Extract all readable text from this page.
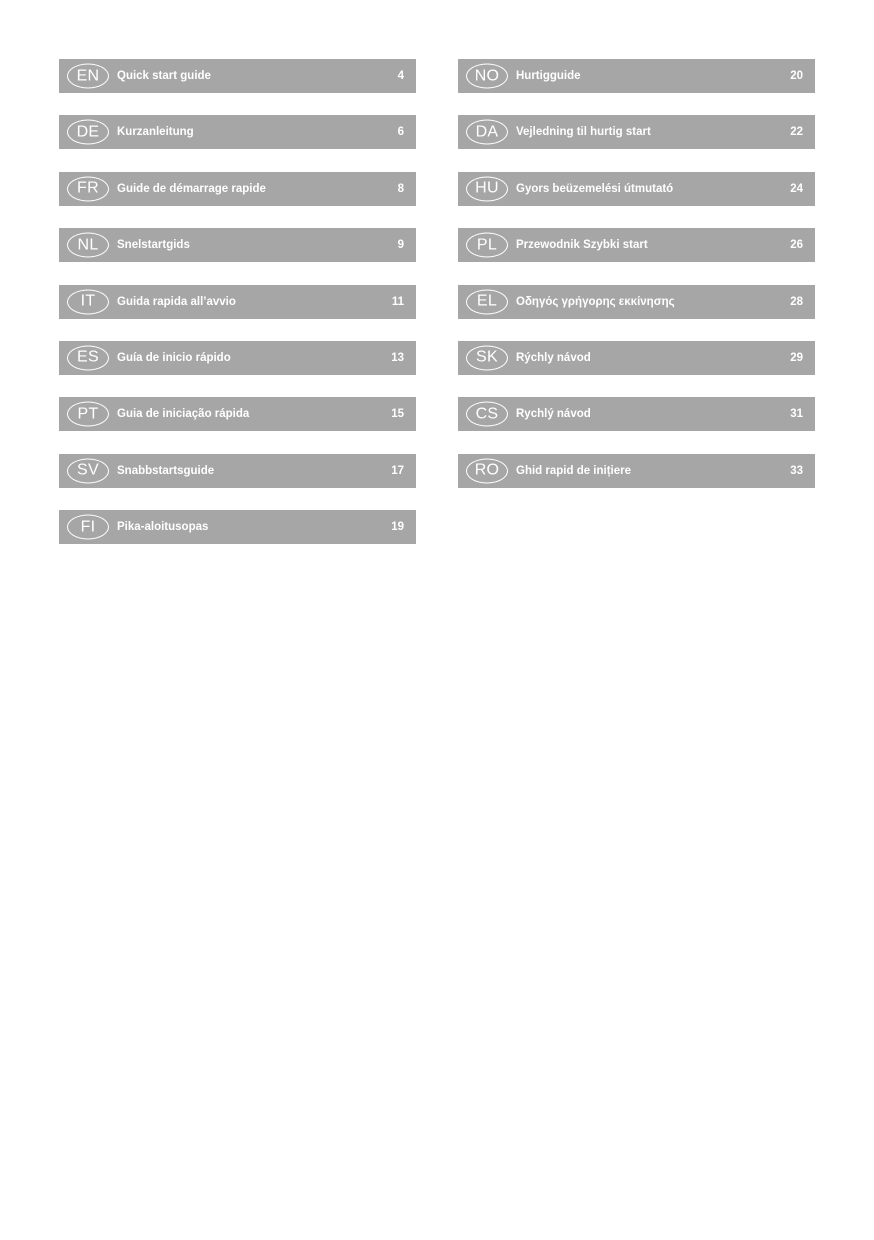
EN	Quick start guide	4
DE	Kurzanleitung	6
FR	Guide de démarrage rapide	8
NL	Snelstartgids	9
IT	Guida rapida all’avvio	11
ES	Guía de inicio rápido	13
PT	Guia de iniciação rápida	15
SV	Snabbstartsguide	17
FI	Pika-aloitusopas	19
NO	Hurtigguide	20
DA	Vejledning til hurtig start	22
HU	Gyors beüzemelési útmutató	24
PL	Przewodnik Szybki start	26
EL	Οδηγός γρήγορης εκκίνησης	28
SK	Rýchly návod	29
CS	Rychlý návod	31
RO	Ghid rapid de inițiere	33
